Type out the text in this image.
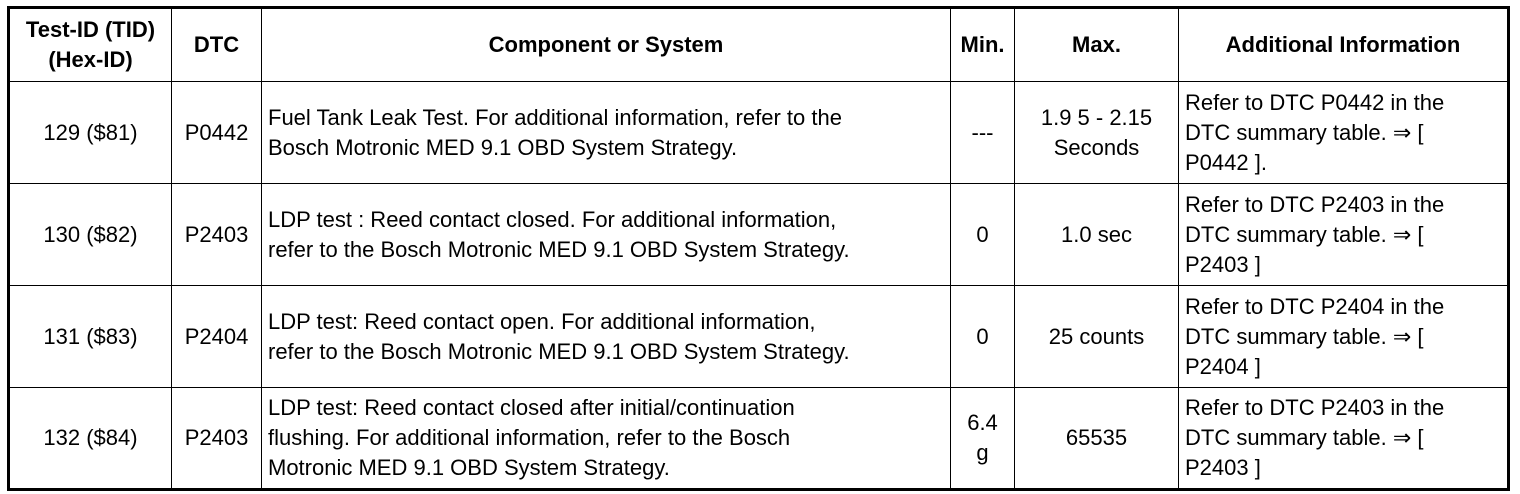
Test-ID (TID)
(Hex-ID)	DTC	Component or System	Min.	Max.	Additional Information
129 ($81)	P0442	Fuel Tank Leak Test. For additional information, refer to the
Bosch Motronic MED 9.1 OBD System Strategy.	---	1.9 5 - 2.15
Seconds	Refer to DTC P0442 in the
DTC summary table. ⇒ [
P0442 ].
130 ($82)	P2403	LDP test : Reed contact closed. For additional information,
refer to the Bosch Motronic MED 9.1 OBD System Strategy.	0	1.0 sec	Refer to DTC P2403 in the
DTC summary table. ⇒ [
P2403 ]
131 ($83)	P2404	LDP test: Reed contact open. For additional information,
refer to the Bosch Motronic MED 9.1 OBD System Strategy.	0	25 counts	Refer to DTC P2404 in the
DTC summary table. ⇒ [
P2404 ]
132 ($84)	P2403	LDP test: Reed contact closed after initial/continuation
flushing. For additional information, refer to the Bosch
Motronic MED 9.1 OBD System Strategy.	6.4
g	65535	Refer to DTC P2403 in the
DTC summary table. ⇒ [
P2403 ]
